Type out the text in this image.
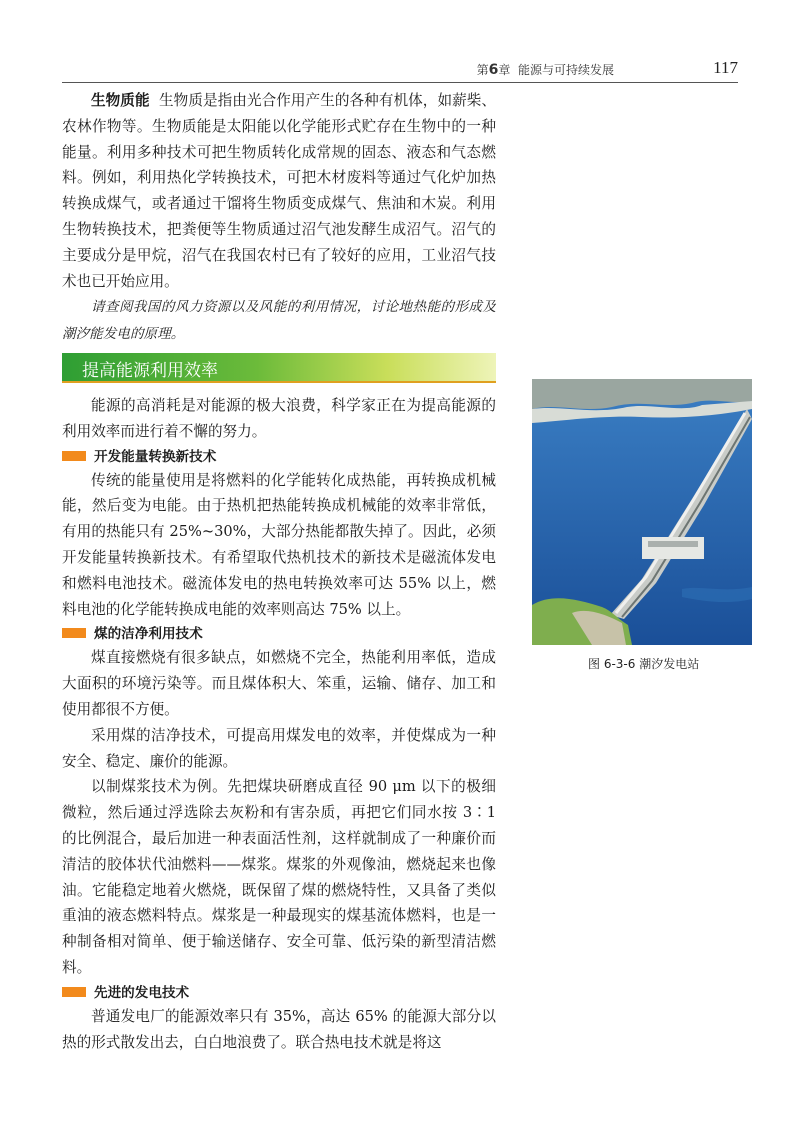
第6章 能源与可持续发展	117

生物质能 生物质是指由光合作用产生的各种有机体，如薪柴、农林作物等。生物质能是太阳能以化学能形式贮存在生物中的一种能量。利用多种技术可把生物质转化成常规的固态、液态和气态燃料。例如，利用热化学转换技术，可把木材废料等通过气化炉加热转换成煤气，或者通过干馏将生物质变成煤气、焦油和木炭。利用生物转换技术，把粪便等生物质通过沼气池发酵生成沼气。沼气的主要成分是甲烷，沼气在我国农村已有了较好的应用，工业沼气技术也已开始应用。

请查阅我国的风力资源以及风能的利用情况，讨论地热能的形成及潮汐能发电的原理。

提高能源利用效率

能源的高消耗是对能源的极大浪费，科学家正在为提高能源的利用效率而进行着不懈的努力。

开发能量转换新技术

传统的能量使用是将燃料的化学能转化成热能，再转换成机械能，然后变为电能。由于热机把热能转换成机械能的效率非常低，有用的热能只有 25%~30%，大部分热能都散失掉了。因此，必须开发能量转换新技术。有希望取代热机技术的新技术是磁流体发电和燃料电池技术。磁流体发电的热电转换效率可达 55% 以上，燃料电池的化学能转换成电能的效率则高达 75% 以上。

煤的洁净利用技术

煤直接燃烧有很多缺点，如燃烧不完全，热能利用率低，造成大面积的环境污染等。而且煤体积大、笨重，运输、储存、加工和使用都很不方便。

采用煤的洁净技术，可提高用煤发电的效率，并使煤成为一种安全、稳定、廉价的能源。

以制煤浆技术为例。先把煤块研磨成直径 90 μm 以下的极细微粒，然后通过浮选除去灰粉和有害杂质，再把它们同水按 3∶1 的比例混合，最后加进一种表面活性剂，这样就制成了一种廉价而清洁的胶体状代油燃料——煤浆。煤浆的外观像油，燃烧起来也像油。它能稳定地着火燃烧，既保留了煤的燃烧特性，又具备了类似重油的液态燃料特点。煤浆是一种最现实的煤基流体燃料，也是一种制备相对简单、便于输送储存、安全可靠、低污染的新型清洁燃料。

先进的发电技术

普通发电厂的能源效率只有 35%，高达 65% 的能源大部分以热的形式散发出去，白白地浪费了。联合热电技术就是将这

图 6-3-6 潮汐发电站
